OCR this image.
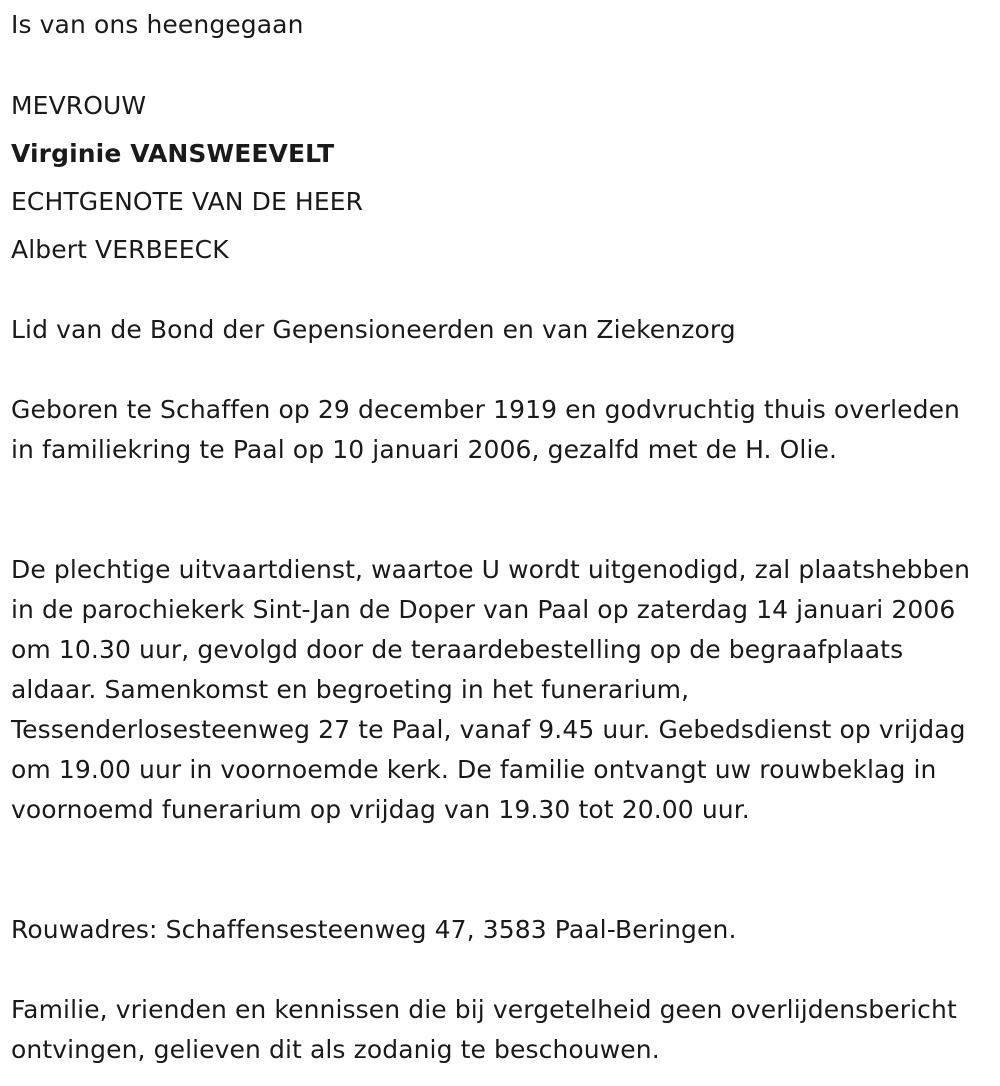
Is van ons heengegaan
MEVROUW
Virginie VANSWEEVELT
ECHTGENOTE VAN DE HEER
Albert VERBEECK
Lid van de Bond der Gepensioneerden en van Ziekenzorg
Geboren te Schaffen op 29 december 1919 en godvruchtig thuis overleden in familiekring te Paal op 10 januari 2006, gezalfd met de H. Olie.
De plechtige uitvaartdienst, waartoe U wordt uitgenodigd, zal plaatshebben in de parochiekerk Sint-Jan de Doper van Paal op zaterdag 14 januari 2006 om 10.30 uur, gevolgd door de teraardebestelling op de begraafplaats aldaar. Samenkomst en begroeting in het funerarium, Tessenderlosesteenweg 27 te Paal, vanaf 9.45 uur. Gebedsdienst op vrijdag om 19.00 uur in voornoemde kerk. De familie ontvangt uw rouwbeklag in voornoemd funerarium op vrijdag van 19.30 tot 20.00 uur.
Rouwadres: Schaffensesteenweg 47, 3583 Paal-Beringen.
Familie, vrienden en kennissen die bij vergetelheid geen overlijdensbericht ontvingen, gelieven dit als zodanig te beschouwen.
